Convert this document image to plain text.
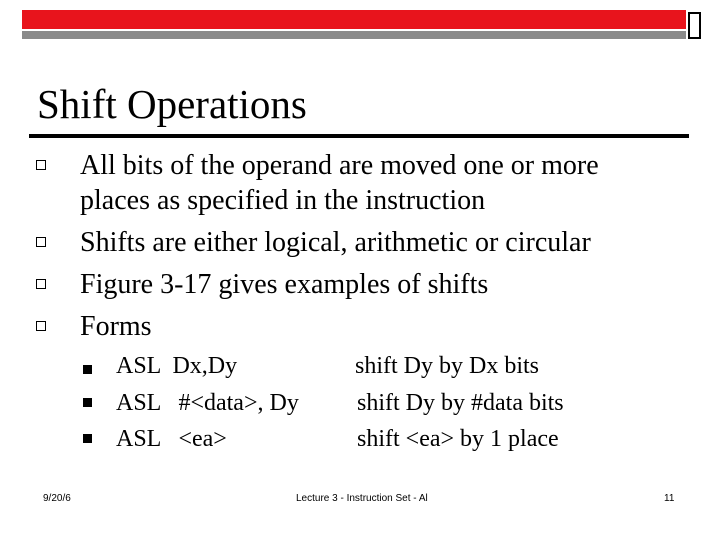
Shift Operations
All bits of the operand are moved one or more
places as specified in the instruction
Shifts are either logical, arithmetic or circular
Figure 3-17 gives examples of shifts
Forms
ASL  Dx,Dy	shift Dy by Dx bits
ASL   #<data>, Dy shift Dy by #data bits
ASL   <ea>	shift <ea> by 1 place
9/20/6	Lecture 3 - Instruction Set - Al	11
